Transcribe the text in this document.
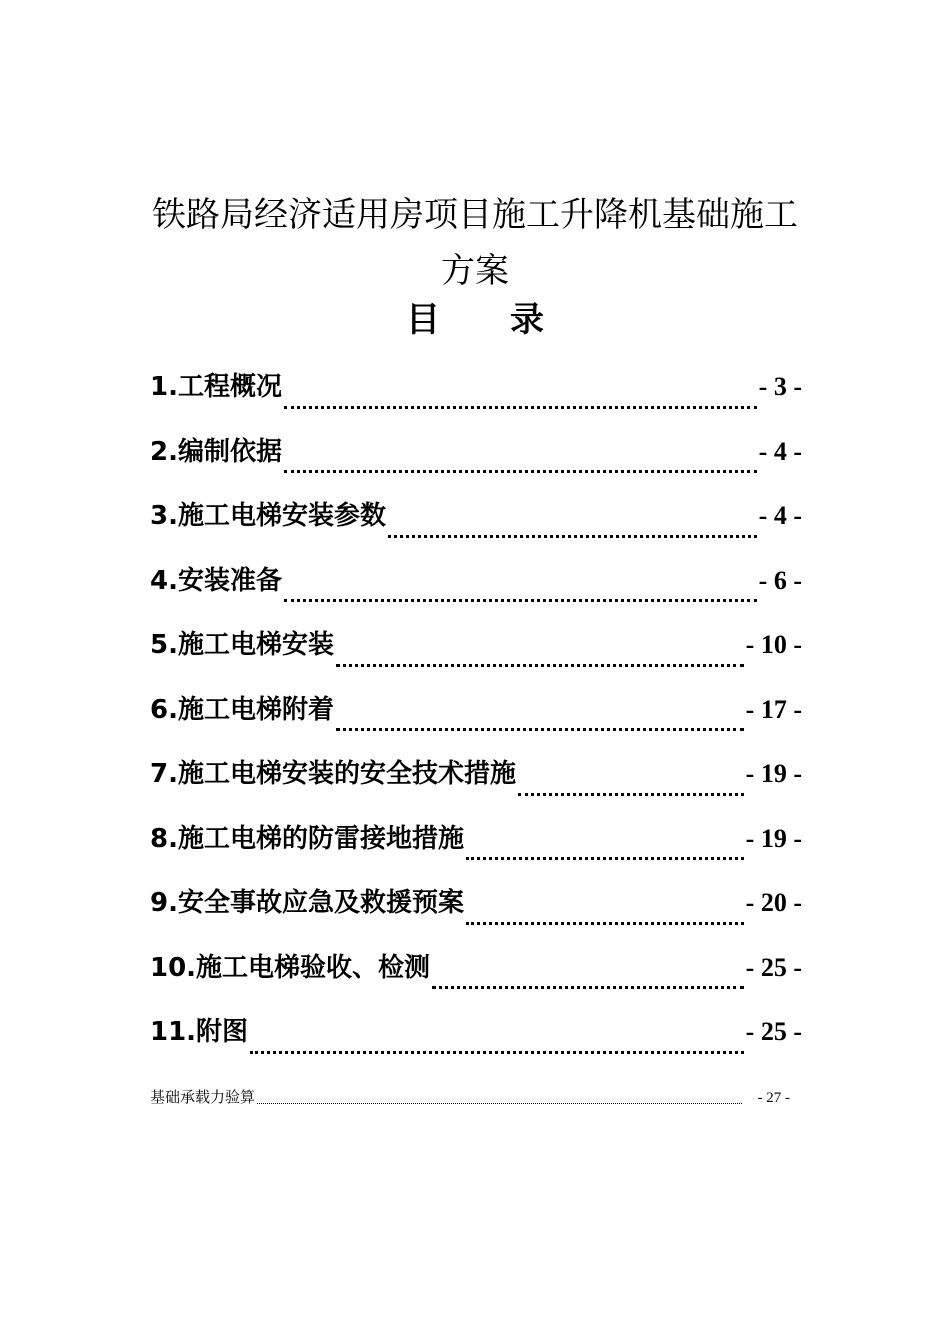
铁路局经济适用房项目施工升降机基础施工方案
目 录
1.工程概况	- 3 -
2.编制依据	- 4 -
3.施工电梯安装参数	- 4 -
4.安装准备	- 6 -
5.施工电梯安装	- 10 -
6.施工电梯附着	- 17 -
7.施工电梯安装的安全技术措施	- 19 -
8.施工电梯的防雷接地措施	- 19 -
9.安全事故应急及救援预案	- 20 -
10.施工电梯验收、检测	- 25 -
11.附图	- 25 -
基础承载力验算	- 27 -
